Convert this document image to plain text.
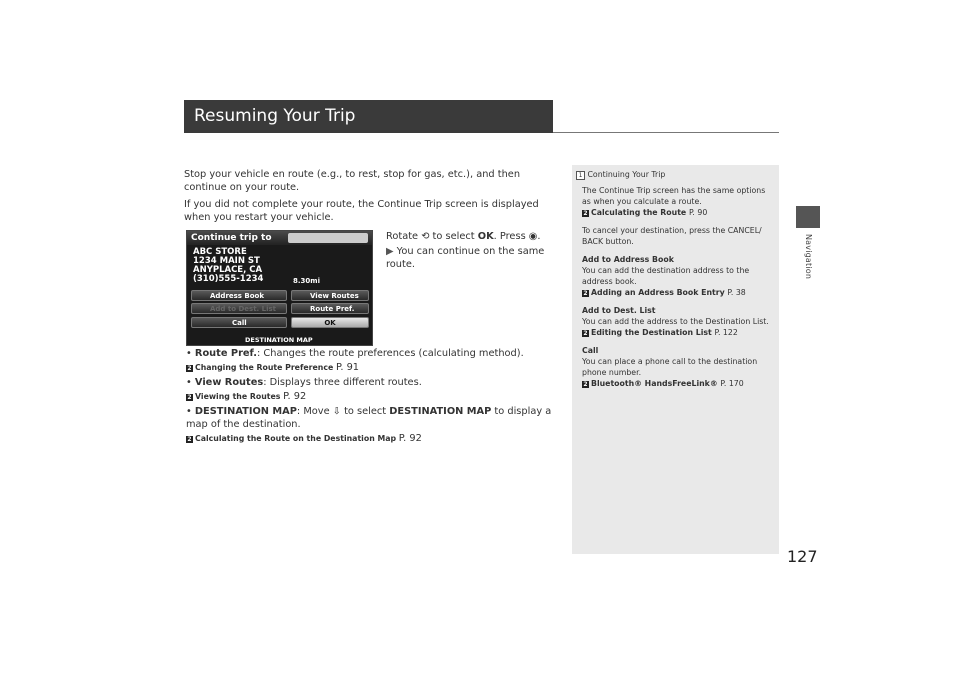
Resuming Your Trip
Navigation
127

Stop your vehicle en route (e.g., to rest, stop for gas, etc.), and then continue on your route.

If you did not complete your route, the Continue Trip screen is displayed when you restart your vehicle.

Continue trip to
ABC STORE
1234 MAIN ST
ANYPLACE, CA
(310)555-1234	8.30mi
Address Book	View Routes
Add to Dest. List	Route Pref.
Call	OK
DESTINATION MAP
Rotate ⟲ to select OK. Press ◉.
▶ You can continue on the same route.
• Route Pref.: Changes the route preferences (calculating method).
2 Changing the Route Preference P. 91
• View Routes: Displays three different routes.
2 Viewing the Routes P. 92
• DESTINATION MAP: Move ⇩ to select DESTINATION MAP to display a map of the destination.
2 Calculating the Route on the Destination Map P. 92
1 Continuing Your Trip

The Continue Trip screen has the same options as when you calculate a route.
2 Calculating the Route P. 90

To cancel your destination, press the CANCEL/ BACK button.

Add to Address Book
You can add the destination address to the address book.
2 Adding an Address Book Entry P. 38

Add to Dest. List
You can add the address to the Destination List.
2 Editing the Destination List P. 122

Call
You can place a phone call to the destination phone number.
2 Bluetooth® HandsFreeLink® P. 170
